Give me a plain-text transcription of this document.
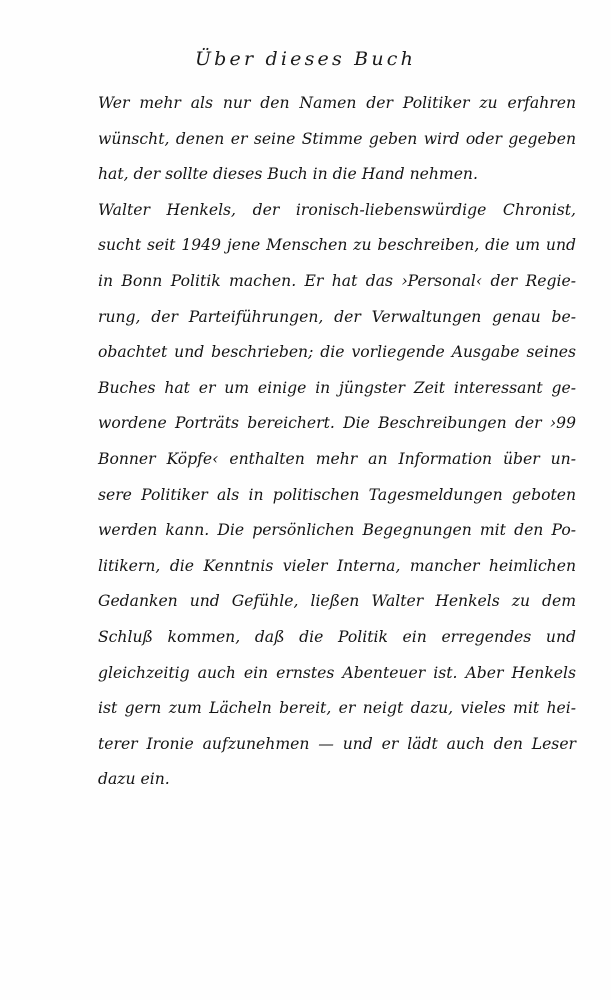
Über dieses Buch
Wer mehr als nur den Namen der Politiker zu erfahren
wünscht, denen er seine Stimme geben wird oder gegeben
hat, der sollte dieses Buch in die Hand nehmen.
Walter Henkels, der ironisch-liebenswürdige Chronist,
sucht seit 1949 jene Menschen zu beschreiben, die um und
in Bonn Politik machen. Er hat das ›Personal‹ der Regie-
rung, der Parteiführungen, der Verwaltungen genau be-
obachtet und beschrieben; die vorliegende Ausgabe seines
Buches hat er um einige in jüngster Zeit interessant ge-
wordene Porträts bereichert. Die Beschreibungen der ›99
Bonner Köpfe‹ enthalten mehr an Information über un-
sere Politiker als in politischen Tagesmeldungen geboten
werden kann. Die persönlichen Begegnungen mit den Po-
litikern, die Kenntnis vieler Interna, mancher heimlichen
Gedanken und Gefühle, ließen Walter Henkels zu dem
Schluß kommen, daß die Politik ein erregendes und
gleichzeitig auch ein ernstes Abenteuer ist. Aber Henkels
ist gern zum Lächeln bereit, er neigt dazu, vieles mit hei-
terer Ironie aufzunehmen — und er lädt auch den Leser
dazu ein.
